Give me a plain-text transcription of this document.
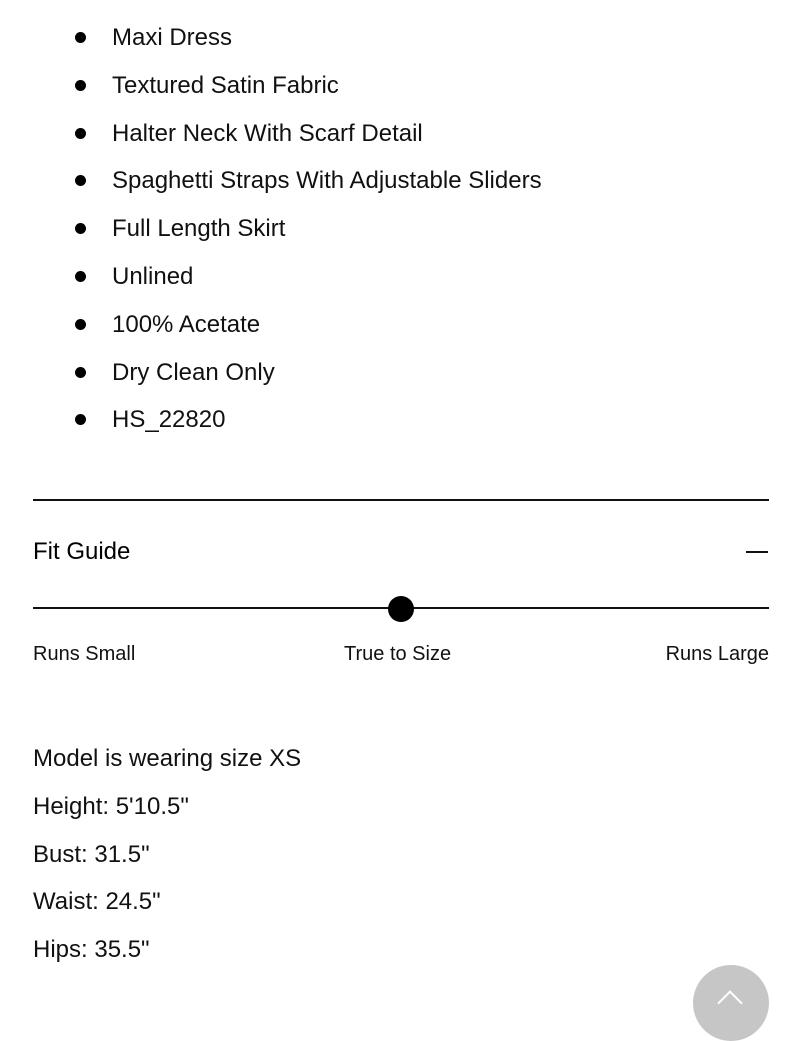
Maxi Dress
Textured Satin Fabric
Halter Neck With Scarf Detail
Spaghetti Straps With Adjustable Sliders
Full Length Skirt
Unlined
100% Acetate
Dry Clean Only
HS_22820
Fit Guide
Runs Small	True to Size	Runs Large
Model is wearing size XS
Height: 5'10.5"
Bust: 31.5"
Waist: 24.5"
Hips: 35.5"
